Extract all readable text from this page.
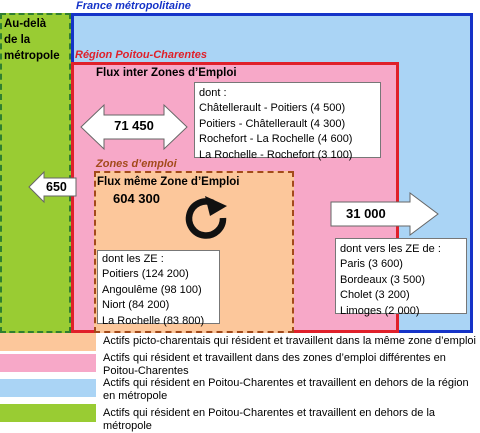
France métropolitaine
Au-delà
de la
métropole Région Poitou-Charentes
Flux inter Zones d’Emploi
Zones d’emploi
Flux même Zone d’Emploi
dont :
Châtellerault - Poitiers (4 500)
Poitiers - Châtellerault (4 300)
Rochefort - La Rochelle (4 600)
La Rochelle - Rochefort (3 100)
dont les ZE :
Poitiers (124 200)
Angoulême (98 100)
Niort (84 200)
La Rochelle (83 800)
dont vers les ZE de :
Paris (3 600)
Bordeaux (3 500)
Cholet (3 200)
Limoges (2 000)
71 450
650
31 000
604 300
Actifs picto-charentais qui résident et travaillent dans la même zone d’emploi
Actifs qui résident et travaillent dans des zones d’emploi différentes en Poitou-Charentes
Actifs qui résident en Poitou-Charentes et travaillent en dehors de la région en métropole
Actifs qui résident en Poitou-Charentes et travaillent en dehors de la métropole
